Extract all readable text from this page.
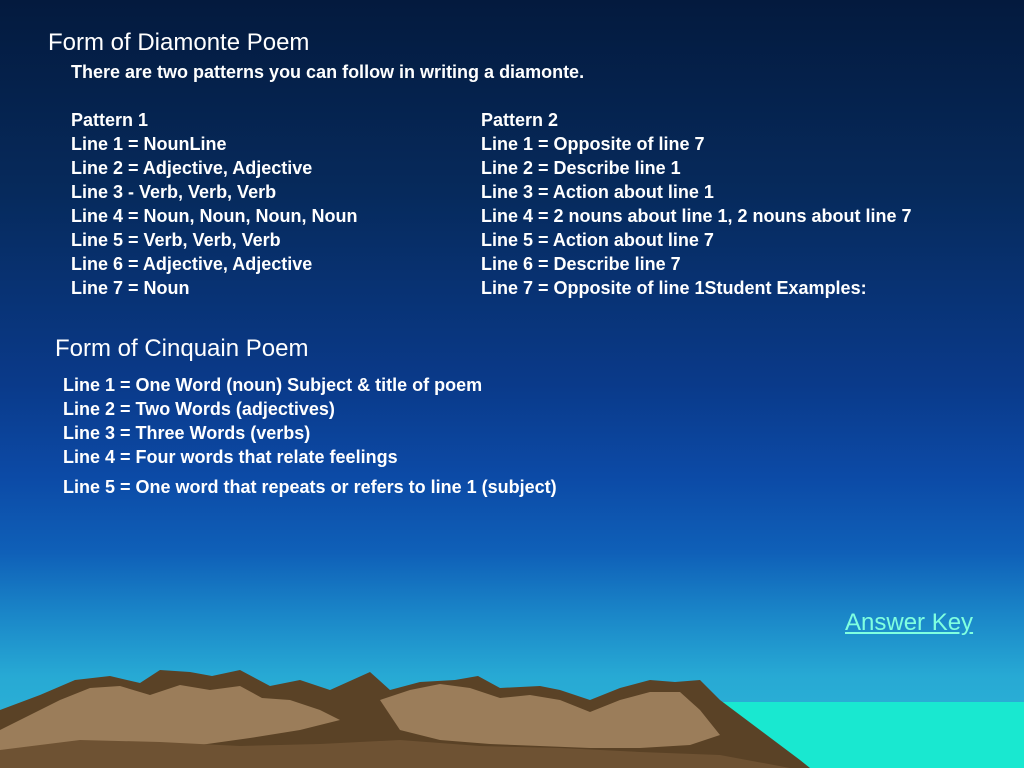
Form of Diamonte Poem
There are two patterns you can follow in writing a diamonte.
Pattern 1
Line 1 = NounLine
Line 2 = Adjective, Adjective
Line 3 - Verb, Verb, Verb
Line 4 = Noun, Noun, Noun, Noun
Line 5 = Verb, Verb, Verb
Line 6 = Adjective, Adjective
Line 7 = Noun
Pattern 2
Line 1 = Opposite of line 7
Line 2 = Describe line 1
Line 3 = Action about line 1
Line 4 = 2 nouns about line 1, 2 nouns about line 7
Line 5 = Action about line 7
Line 6 = Describe line 7
Line 7 = Opposite of line 1Student Examples:
Form of Cinquain Poem
Line 1 = One Word (noun) Subject & title of poem
Line 2 = Two Words (adjectives)
Line 3 = Three Words (verbs)
Line 4 = Four words that relate feelings
Line 5 = One word that repeats or refers to line 1 (subject)
Answer Key
